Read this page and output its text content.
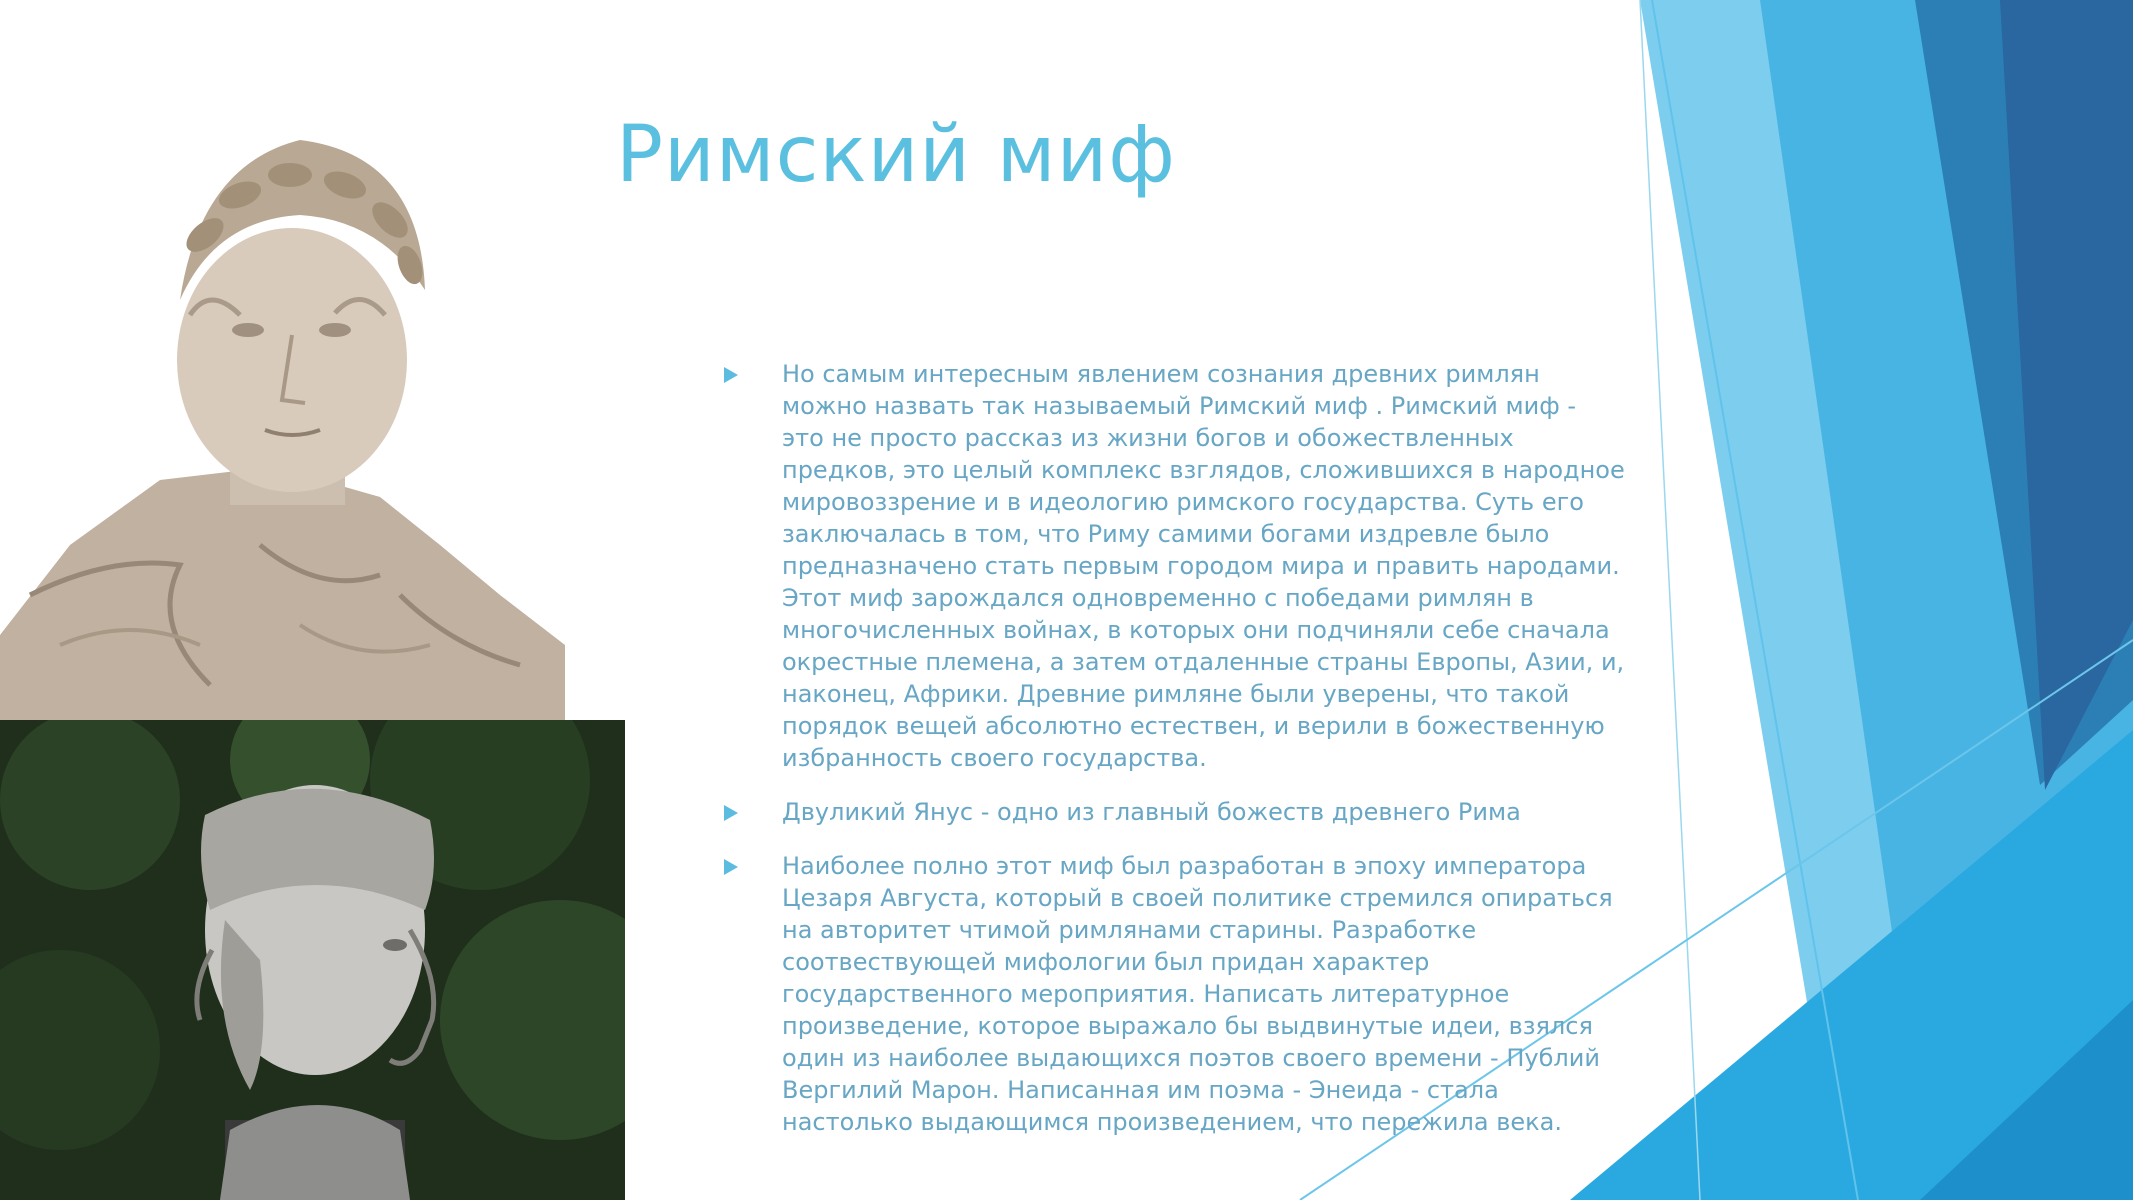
Римский миф
Но самым интересным явлением сознания древних римлян можно назвать так называемый Римский миф . Римский миф - это не просто рассказ из жизни богов и обожествленных предков, это целый комплекс взглядов, сложившихся в народное мировоззрение и в идеологию римского государства. Суть его заключалась в том, что Риму самими богами издревле было предназначено стать первым городом мира и править народами. Этот миф зарождался одновременно с победами римлян в многочисленных войнах, в которых они подчиняли себе сначала окрестные племена, а затем отдаленные страны Европы, Азии, и, наконец, Африки. Древние римляне были уверены, что такой порядок вещей абсолютно естествен, и верили в божественную избранность своего государства.
Двуликий Янус - одно из главный божеств древнего Рима
Наиболее полно этот миф был разработан в эпоху императора Цезаря Августа, который в своей политике стремился опираться на авторитет чтимой римлянами старины. Разработке соотвествующей мифологии был придан характер государственного мероприятия. Написать литературное произведение, которое выражало бы выдвинутые идеи, взялся один из наиболее выдающихся поэтов своего времени - Публий Вергилий Марон. Написанная им поэма - Энеида - стала настолько выдающимся произведением, что пережила века.
